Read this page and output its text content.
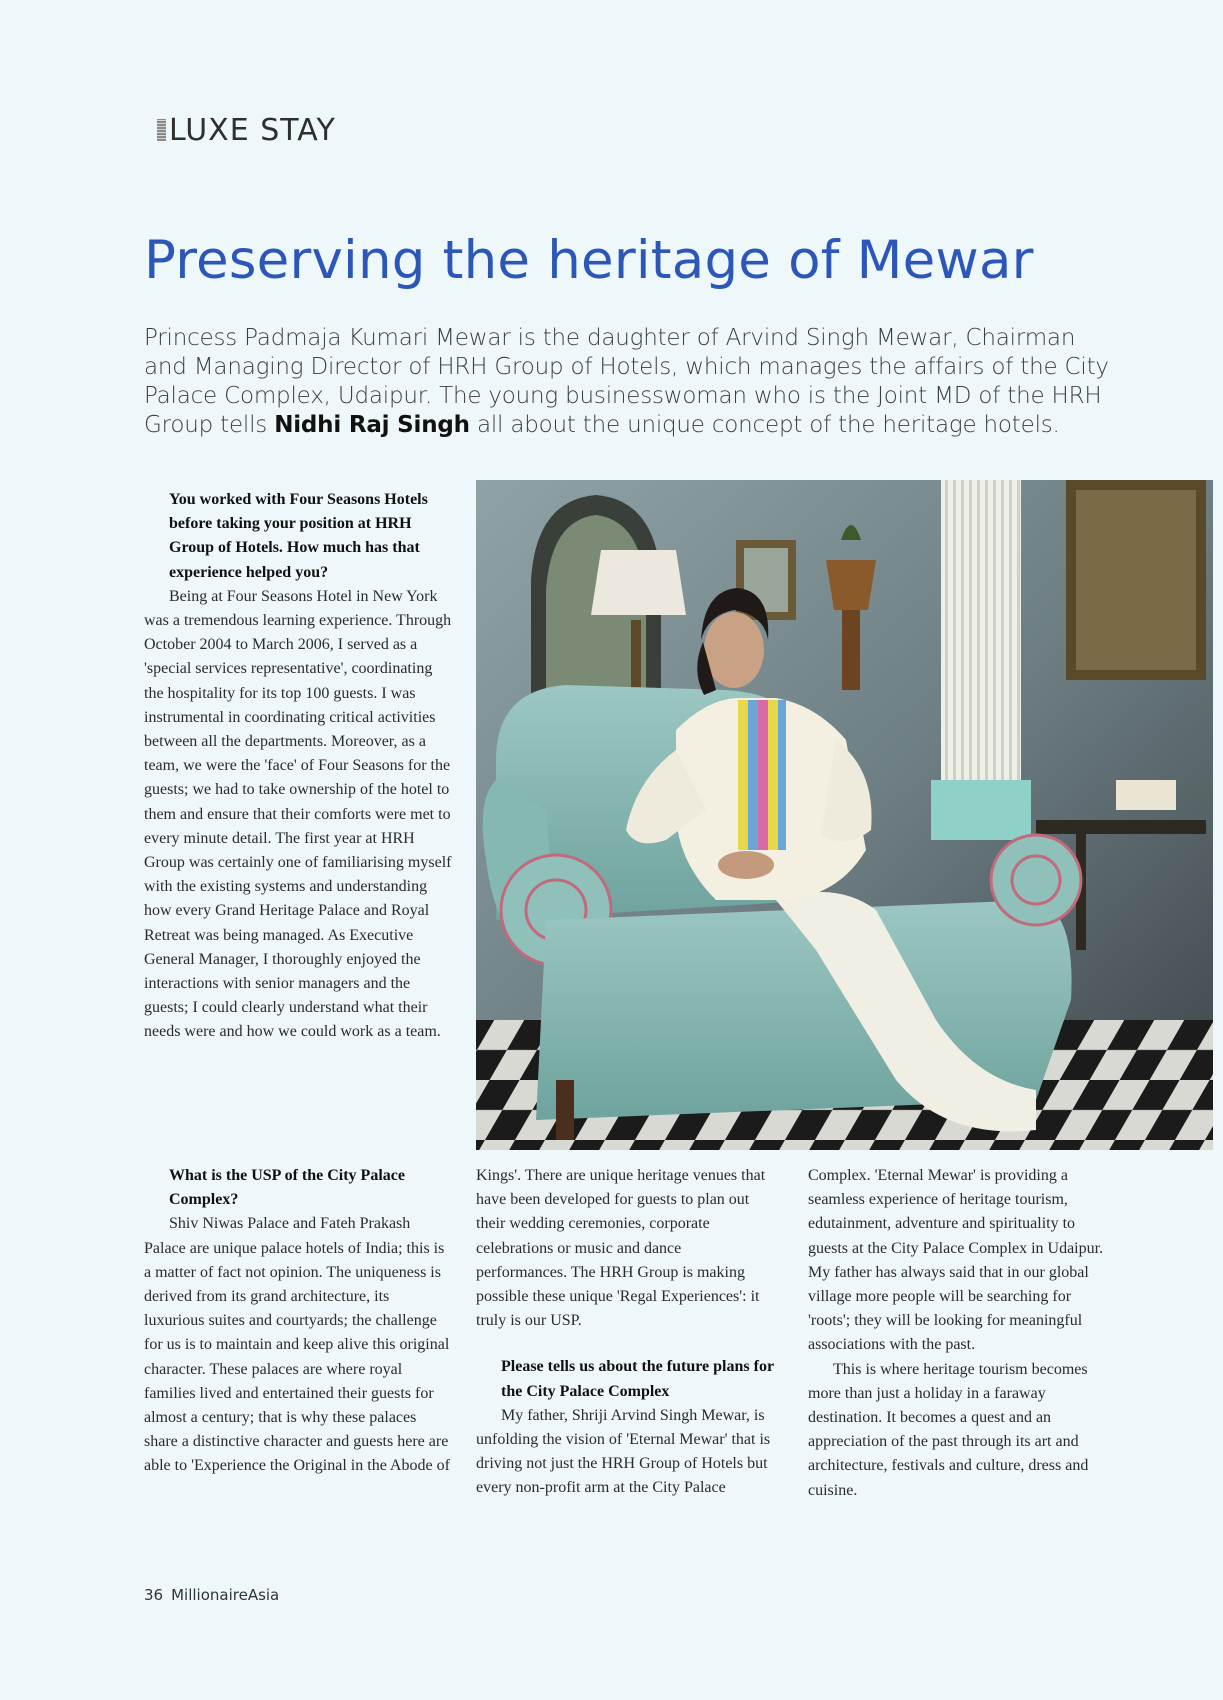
LUXE STAY
Preserving the heritage of Mewar

Princess Padmaja Kumari Mewar is the daughter of Arvind Singh Mewar, Chairman and Managing Director of HRH Group of Hotels, which manages the affairs of the City Palace Complex, Udaipur. The young businesswoman who is the Joint MD of the HRH Group tells Nidhi Raj Singh all about the unique concept of the heritage hotels.

You worked with Four Seasons Hotels before taking your position at HRH Group of Hotels. How much has that experience helped you?

Being at Four Seasons Hotel in New York was a tremendous learning experience. Through October 2004 to March 2006, I served as a 'special services representative', coordinating the hospitality for its top 100 guests. I was instrumental in coordinating critical activities between all the departments. Moreover, as a team, we were the 'face' of Four Seasons for the guests; we had to take ownership of the hotel to them and ensure that their comforts were met to every minute detail. The first year at HRH Group was certainly one of familiarising myself with the existing systems and understanding how every Grand Heritage Palace and Royal Retreat was being managed. As Executive General Manager, I thoroughly enjoyed the interactions with senior managers and the guests; I could clearly understand what their needs were and how we could work as a team.

What is the USP of the City Palace Complex?

Shiv Niwas Palace and Fateh Prakash Palace are unique palace hotels of India; this is a matter of fact not opinion. The uniqueness is derived from its grand architecture, its luxurious suites and courtyards; the challenge for us is to maintain and keep alive this original character. These palaces are where royal families lived and entertained their guests for almost a century; that is why these palaces share a distinctive character and guests here are able to 'Experience the Original in the Abode of

Kings'. There are unique heritage venues that have been developed for guests to plan out their wedding ceremonies, corporate celebrations or music and dance performances. The HRH Group is making possible these unique 'Regal Experiences': it truly is our USP.

Please tells us about the future plans for the City Palace Complex

My father, Shriji Arvind Singh Mewar, is unfolding the vision of 'Eternal Mewar' that is driving not just the HRH Group of Hotels but every non-profit arm at the City Palace

Complex. 'Eternal Mewar' is providing a seamless experience of heritage tourism, edutainment, adventure and spirituality to guests at the City Palace Complex in Udaipur. My father has always said that in our global village more people will be searching for 'roots'; they will be looking for meaningful associations with the past.

This is where heritage tourism becomes more than just a holiday in a faraway destination. It becomes a quest and an appreciation of the past through its art and architecture, festivals and culture, dress and cuisine.

36 MillionaireAsia
